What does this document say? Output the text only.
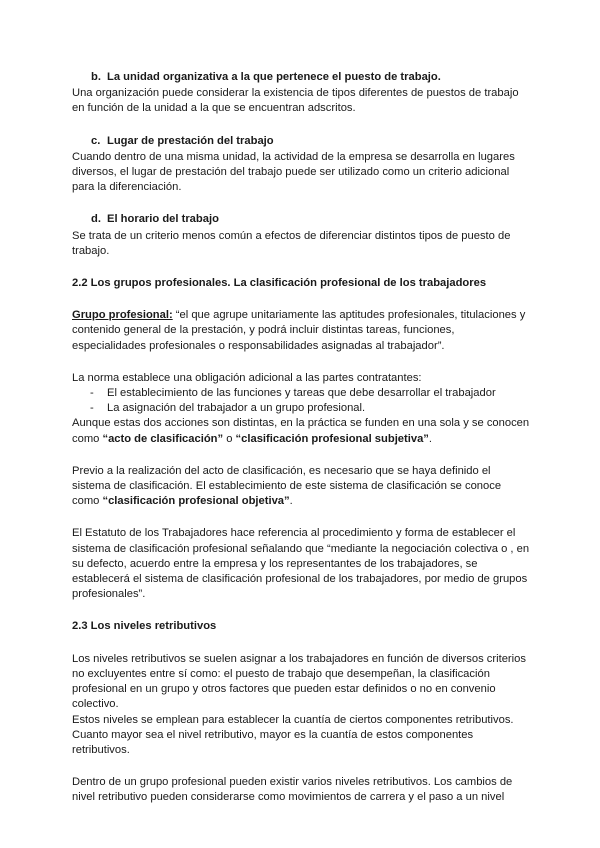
b. La unidad organizativa a la que pertenece el puesto de trabajo.

Una organización puede considerar la existencia de tipos diferentes de puestos de trabajo en función de la unidad a la que se encuentran adscritos.

c. Lugar de prestación del trabajo

Cuando dentro de una misma unidad, la actividad de la empresa se desarrolla en lugares diversos, el lugar de prestación del trabajo puede ser utilizado como un criterio adicional para la diferenciación.

d. El horario del trabajo

Se trata de un criterio menos común a efectos de diferenciar distintos tipos de puesto de trabajo.

2.2 Los grupos profesionales. La clasificación profesional de los trabajadores

Grupo profesional: “el que agrupe unitariamente las aptitudes profesionales, titulaciones y contenido general de la prestación, y podrá incluir distintas tareas, funciones, especialidades profesionales o responsabilidades asignadas al trabajador”.

La norma establece una obligación adicional a las partes contratantes:

- El establecimiento de las funciones y tareas que debe desarrollar el trabajador
- La asignación del trabajador a un grupo profesional.

Aunque estas dos acciones son distintas, en la práctica se funden en una sola y se conocen como “acto de clasificación” o “clasificación profesional subjetiva”.

Previo a la realización del acto de clasificación, es necesario que se haya definido el sistema de clasificación. El establecimiento de este sistema de clasificación se conoce como “clasificación profesional objetiva”.

El Estatuto de los Trabajadores hace referencia al procedimiento y forma de establecer el sistema de clasificación profesional señalando que “mediante la negociación colectiva o , en su defecto, acuerdo entre la empresa y los representantes de los trabajadores, se establecerá el sistema de clasificación profesional de los trabajadores, por medio de grupos profesionales”.

2.3 Los niveles retributivos

Los niveles retributivos se suelen asignar a los trabajadores en función de diversos criterios no excluyentes entre sí como: el puesto de trabajo que desempeñan, la clasificación profesional en un grupo y otros factores que pueden estar definidos o no en convenio colectivo.

Estos niveles se emplean para establecer la cuantía de ciertos componentes retributivos. Cuanto mayor sea el nivel retributivo, mayor es la cuantía de estos componentes retributivos.

Dentro de un grupo profesional pueden existir varios niveles retributivos. Los cambios de nivel retributivo pueden considerarse como movimientos de carrera y el paso a un nivel
